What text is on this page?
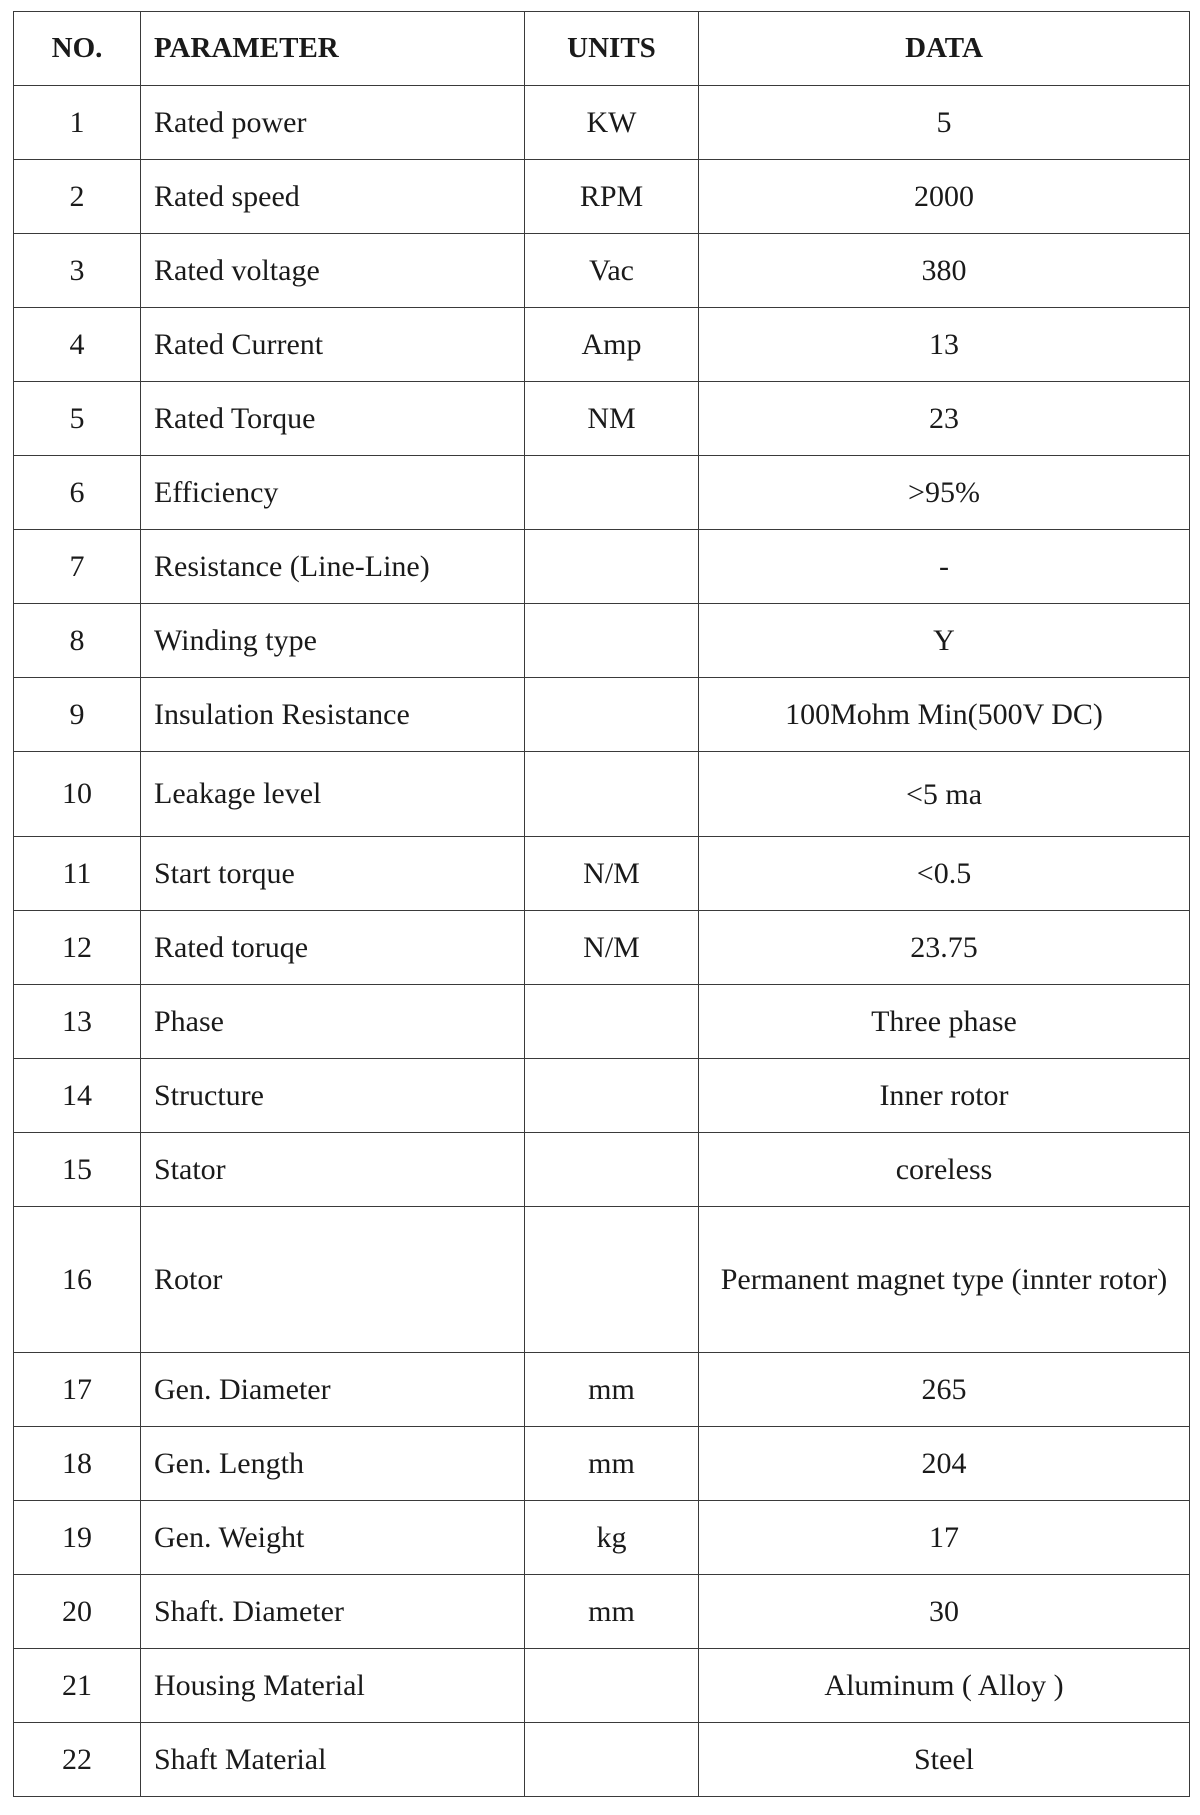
NO.	PARAMETER	UNITS	DATA
1	Rated power	KW	5
2	Rated speed	RPM	2000
3	Rated voltage	Vac	380
4	Rated Current	Amp	13
5	Rated Torque	NM	23
6	Efficiency		>95%
7	Resistance (Line-Line)		-
8	Winding type		Y
9	Insulation Resistance		100Mohm Min(500V DC)
10	Leakage level		<5 ma
11	Start torque	N/M	<0.5
12	Rated toruqe	N/M	23.75
13	Phase		Three phase
14	Structure		Inner rotor
15	Stator		coreless
16	Rotor		Permanent magnet type (innter rotor)
17	Gen. Diameter	mm	265
18	Gen. Length	mm	204
19	Gen. Weight	kg	17
20	Shaft. Diameter	mm	30
21	Housing Material		Aluminum ( Alloy )
22	Shaft Material		Steel
